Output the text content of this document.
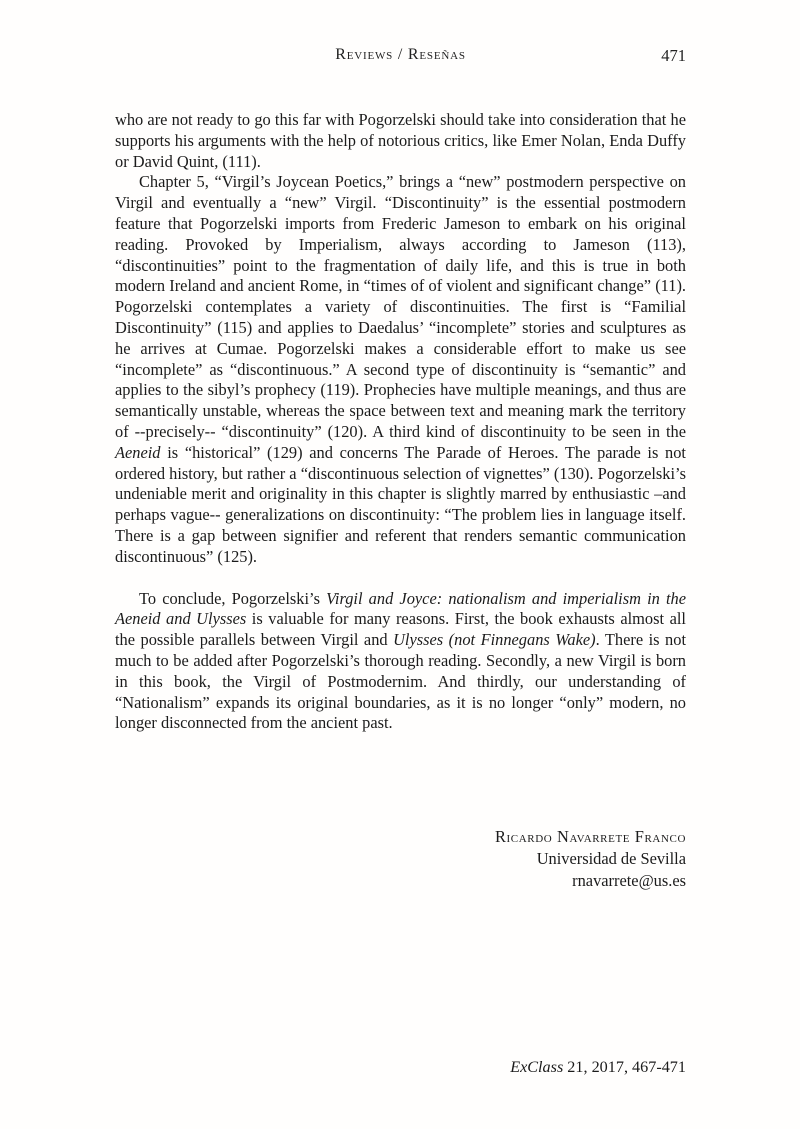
Reviews / Reseñas	471

who are not ready to go this far with Pogorzelski should take into consideration that he supports his arguments with the help of notorious critics, like Emer Nolan, Enda Duffy or David Quint, (111).

Chapter 5, “Virgil’s Joycean Poetics,” brings a “new” postmodern perspective on Virgil and eventually a “new” Virgil. “Discontinuity” is the essential postmodern feature that Pogorzelski imports from Frederic Jameson to embark on his original reading. Provoked by Imperialism, always according to Jameson (113), “discontinuities” point to the fragmentation of daily life, and this is true in both modern Ireland and ancient Rome, in “times of of violent and significant change” (11). Pogorzelski contemplates a variety of discontinuities. The first is “Familial Discontinuity” (115) and applies to Daedalus’ “incomplete” stories and sculptures as he arrives at Cumae. Pogorzelski makes a considerable effort to make us see “incomplete” as “discontinuous.” A second type of discontinuity is “semantic” and applies to the sibyl’s prophecy (119). Prophecies have multiple meanings, and thus are semantically unstable, whereas the space between text and meaning mark the territory of --precisely-- “discontinuity” (120). A third kind of discontinuity to be seen in the Aeneid is “historical” (129) and concerns The Parade of Heroes. The parade is not ordered history, but rather a “discontinuous selection of vignettes” (130). Pogorzelski’s undeniable merit and originality in this chapter is slightly marred by enthusiastic –and perhaps vague-- generalizations on discontinuity: “The problem lies in language itself. There is a gap between signifier and referent that renders semantic communication discontinuous” (125).

To conclude, Pogorzelski’s Virgil and Joyce: nationalism and imperialism in the Aeneid and Ulysses is valuable for many reasons. First, the book exhausts almost all the possible parallels between Virgil and Ulysses (not Finnegans Wake). There is not much to be added after Pogorzelski’s thorough reading. Secondly, a new Virgil is born in this book, the Virgil of Postmodernim. And thirdly, our understanding of “Nationalism” expands its original boundaries, as it is no longer “only” modern, no longer disconnected from the ancient past.

Ricardo Navarrete Franco
Universidad de Sevilla
rnavarrete@us.es
ExClass 21, 2017, 467-471
